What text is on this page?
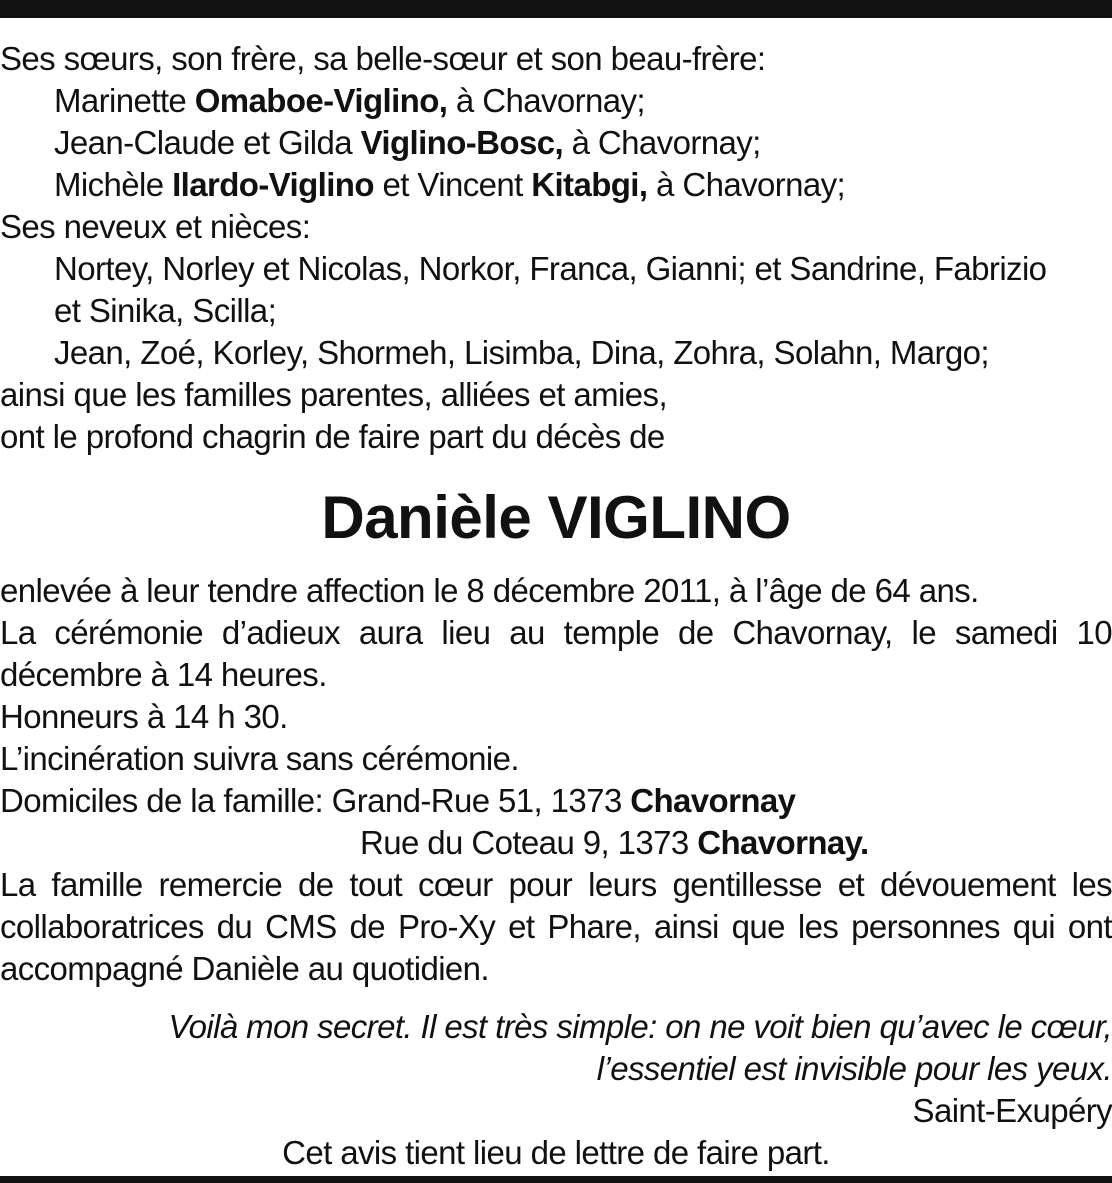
Ses sœurs, son frère, sa belle-sœur et son beau-frère:
Marinette Omaboe-Viglino, à Chavornay;
Jean-Claude et Gilda Viglino-Bosc, à Chavornay;
Michèle Ilardo-Viglino et Vincent Kitabgi, à Chavornay;
Ses neveux et nièces:
Nortey, Norley et Nicolas, Norkor, Franca, Gianni; et Sandrine, Fabrizio
et Sinika, Scilla;
Jean, Zoé, Korley, Shormeh, Lisimba, Dina, Zohra, Solahn, Margo;
ainsi que les familles parentes, alliées et amies,
ont le profond chagrin de faire part du décès de
Danièle VIGLINO
enlevée à leur tendre affection le 8 décembre 2011, à l’âge de 64 ans.
La cérémonie d’adieux aura lieu au temple de Chavornay, le samedi 10 décembre à 14 heures.
Honneurs à 14 h 30.
L’incinération suivra sans cérémonie.
Domiciles de la famille: Grand-Rue 51, 1373 Chavornay
Rue du Coteau 9, 1373 Chavornay.
La famille remercie de tout cœur pour leurs gentillesse et dévouement les collaboratrices du CMS de Pro-Xy et Phare, ainsi que les personnes qui ont accompagné Danièle au quotidien.
Voilà mon secret. Il est très simple: on ne voit bien qu’avec le cœur,
l’essentiel est invisible pour les yeux.
Saint-Exupéry
Cet avis tient lieu de lettre de faire part.
